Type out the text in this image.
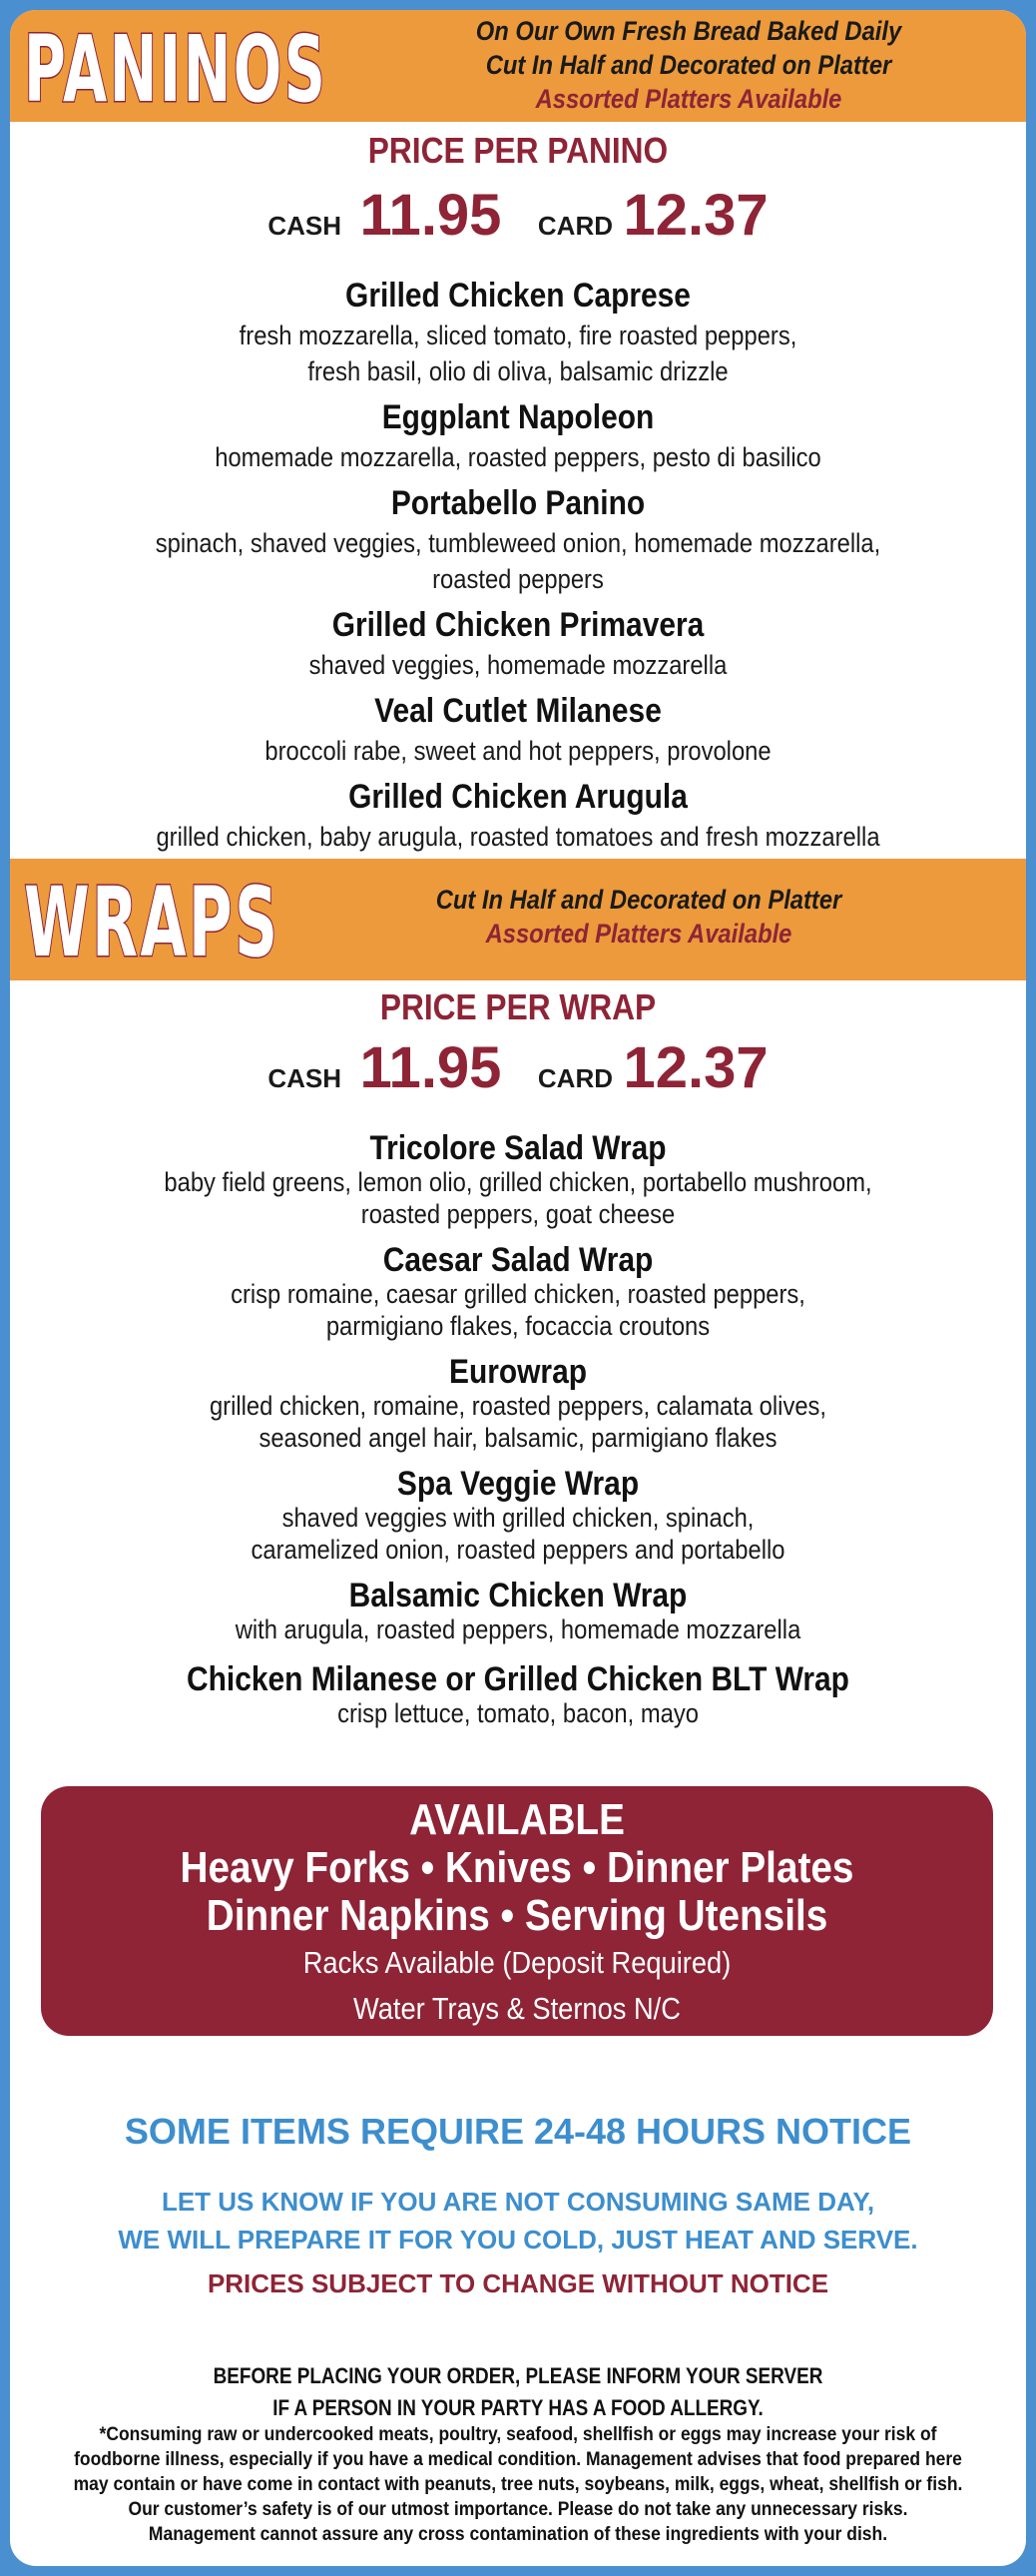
PANINOS	On Our Own Fresh Bread Baked Daily
Cut In Half and Decorated on Platter
Assorted Platters Available
PRICE PER PANINO
CASH 11.95 CARD 12.37
Grilled Chicken Caprese
fresh mozzarella, sliced tomato, fire roasted peppers,
fresh basil, olio di oliva, balsamic drizzle
Eggplant Napoleon
homemade mozzarella, roasted peppers, pesto di basilico
Portabello Panino
spinach, shaved veggies, tumbleweed onion, homemade mozzarella,
roasted peppers
Grilled Chicken Primavera
shaved veggies, homemade mozzarella
Veal Cutlet Milanese
broccoli rabe, sweet and hot peppers, provolone
Grilled Chicken Arugula
grilled chicken, baby arugula, roasted tomatoes and fresh mozzarella
WRAPS	Cut In Half and Decorated on Platter
Assorted Platters Available
PRICE PER WRAP
CASH 11.95 CARD 12.37
Tricolore Salad Wrap
baby field greens, lemon olio, grilled chicken, portabello mushroom,
roasted peppers, goat cheese
Caesar Salad Wrap
crisp romaine, caesar grilled chicken, roasted peppers,
parmigiano flakes, focaccia croutons
Eurowrap
grilled chicken, romaine, roasted peppers, calamata olives,
seasoned angel hair, balsamic, parmigiano flakes
Spa Veggie Wrap
shaved veggies with grilled chicken, spinach,
caramelized onion, roasted peppers and portabello
Balsamic Chicken Wrap
with arugula, roasted peppers, homemade mozzarella
Chicken Milanese or Grilled Chicken BLT Wrap
crisp lettuce, tomato, bacon, mayo
AVAILABLE
Heavy Forks • Knives • Dinner Plates
Dinner Napkins • Serving Utensils
Racks Available (Deposit Required)
Water Trays & Sternos N/C
SOME ITEMS REQUIRE 24-48 HOURS NOTICE
LET US KNOW IF YOU ARE NOT CONSUMING SAME DAY,
WE WILL PREPARE IT FOR YOU COLD, JUST HEAT AND SERVE.
PRICES SUBJECT TO CHANGE WITHOUT NOTICE
BEFORE PLACING YOUR ORDER, PLEASE INFORM YOUR SERVER
IF A PERSON IN YOUR PARTY HAS A FOOD ALLERGY.
*Consuming raw or undercooked meats, poultry, seafood, shellfish or eggs may increase your risk of
foodborne illness, especially if you have a medical condition. Management advises that food prepared here
may contain or have come in contact with peanuts, tree nuts, soybeans, milk, eggs, wheat, shellfish or fish.
Our customer’s safety is of our utmost importance. Please do not take any unnecessary risks.
Management cannot assure any cross contamination of these ingredients with your dish.
